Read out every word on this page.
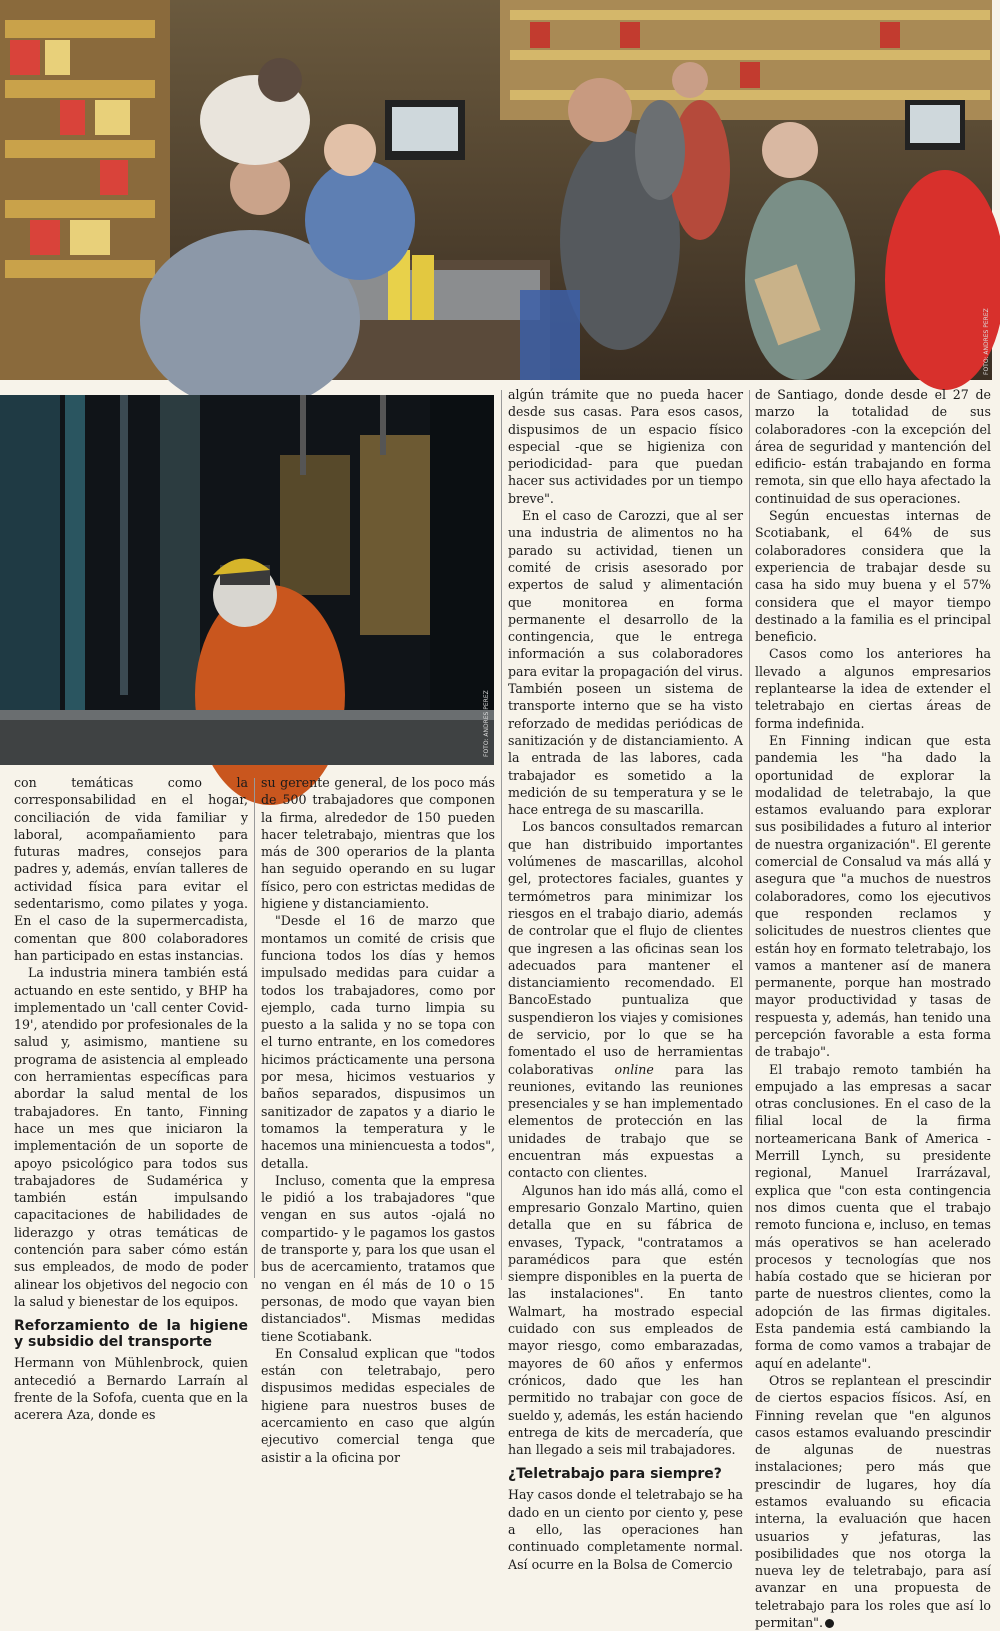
FOTO: ANDRES PEREZ
FOTO: ANDRES PEREZ

algún trámite que no pueda hacer desde sus casas. Para esos casos, dispusimos de un espacio físico especial -que se higieniza con periodicidad- para que puedan hacer sus actividades por un tiempo breve".

En el caso de Carozzi, que al ser una industria de alimentos no ha parado su actividad, tienen un comité de crisis asesorado por expertos de salud y alimentación que monitorea en forma permanente el desarrollo de la contingencia, que le entrega información a sus colaboradores para evitar la propagación del virus. También poseen un sistema de transporte interno que se ha visto reforzado de medidas periódicas de sanitización y de distanciamiento. A la entrada de las labores, cada trabajador es sometido a la medición de su temperatura y se le hace entrega de su mascarilla.

Los bancos consultados remarcan que han distribuido importantes volúmenes de mascarillas, alcohol gel, protectores faciales, guantes y termómetros para minimizar los riesgos en el trabajo diario, además de controlar que el flujo de clientes que ingresen a las oficinas sean los adecuados para mantener el distanciamiento recomendado. El BancoEstado puntualiza que suspendieron los viajes y comisiones de servicio, por lo que se ha fomentado el uso de herramientas colaborativas online para las reuniones, evitando las reuniones presenciales y se han implementado elementos de protección en las unidades de trabajo que se encuentran más expuestas a contacto con clientes.

Algunos han ido más allá, como el empresario Gonzalo Martino, quien detalla que en su fábrica de envases, Typack, "contratamos a paramédicos para que estén siempre disponibles en la puerta de las instalaciones". En tanto Walmart, ha mostrado especial cuidado con sus empleados de mayor riesgo, como embarazadas, mayores de 60 años y enfermos crónicos, dado que les han permitido no trabajar con goce de sueldo y, además, les están haciendo entrega de kits de mercadería, que han llegado a seis mil trabajadores.

¿Teletrabajo para siempre?

Hay casos donde el teletrabajo se ha dado en un ciento por ciento y, pese a ello, las operaciones han continuado completamente normal. Así ocurre en la Bolsa de Comercio

de Santiago, donde desde el 27 de marzo la totalidad de sus colaboradores -con la excepción del área de seguridad y mantención del edificio- están trabajando en forma remota, sin que ello haya afectado la continuidad de sus operaciones.

Según encuestas internas de Scotiabank, el 64% de sus colaboradores considera que la experiencia de trabajar desde su casa ha sido muy buena y el 57% considera que el mayor tiempo destinado a la familia es el principal beneficio.

Casos como los anteriores ha llevado a algunos empresarios replantearse la idea de extender el teletrabajo en ciertas áreas de forma indefinida.

En Finning indican que esta pandemia les "ha dado la oportunidad de explorar la modalidad de teletrabajo, la que estamos evaluando para explorar sus posibilidades a futuro al interior de nuestra organización". El gerente comercial de Consalud va más allá y asegura que "a muchos de nuestros colaboradores, como los ejecutivos que responden reclamos y solicitudes de nuestros clientes que están hoy en formato teletrabajo, los vamos a mantener así de manera permanente, porque han mostrado mayor productividad y tasas de respuesta y, además, han tenido una percepción favorable a esta forma de trabajo".

El trabajo remoto también ha empujado a las empresas a sacar otras conclusiones. En el caso de la filial local de la firma norteamericana Bank of America - Merrill Lynch, su presidente regional, Manuel Irarrázaval, explica que "con esta contingencia nos dimos cuenta que el trabajo remoto funciona e, incluso, en temas más operativos se han acelerado procesos y tecnologías que nos había costado que se hicieran por parte de nuestros clientes, como la adopción de las firmas digitales. Esta pandemia está cambiando la forma de como vamos a trabajar de aquí en adelante".

Otros se replantean el prescindir de ciertos espacios físicos. Así, en Finning revelan que "en algunos casos estamos evaluando prescindir de algunas de nuestras instalaciones; pero más que prescindir de lugares, hoy día estamos evaluando su eficacia interna, la evaluación que hacen usuarios y jefaturas, las posibilidades que nos otorga la nueva ley de teletrabajo, para así avanzar en una propuesta de teletrabajo para los roles que así lo permitan".

con temáticas como la corresponsabilidad en el hogar, conciliación de vida familiar y laboral, acompañamiento para futuras madres, consejos para padres y, además, envían talleres de actividad física para evitar el sedentarismo, como pilates y yoga. En el caso de la supermercadista, comentan que 800 colaboradores han participado en estas instancias.

La industria minera también está actuando en este sentido, y BHP ha implementado un 'call center Covid-19', atendido por profesionales de la salud y, asimismo, mantiene su programa de asistencia al empleado con herramientas específicas para abordar la salud mental de los trabajadores. En tanto, Finning hace un mes que iniciaron la implementación de un soporte de apoyo psicológico para todos sus trabajadores de Sudamérica y también están impulsando capacitaciones de habilidades de liderazgo y otras temáticas de contención para saber cómo están sus empleados, de modo de poder alinear los objetivos del negocio con la salud y bienestar de los equipos.

Reforzamiento de la higiene y subsidio del transporte

Hermann von Mühlenbrock, quien antecedió a Bernardo Larraín al frente de la Sofofa, cuenta que en la acerera Aza, donde es

su gerente general, de los poco más de 500 trabajadores que componen la firma, alrededor de 150 pueden hacer teletrabajo, mientras que los más de 300 operarios de la planta han seguido operando en su lugar físico, pero con estrictas medidas de higiene y distanciamiento.

"Desde el 16 de marzo que montamos un comité de crisis que funciona todos los días y hemos impulsado medidas para cuidar a todos los trabajadores, como por ejemplo, cada turno limpia su puesto a la salida y no se topa con el turno entrante, en los comedores hicimos prácticamente una persona por mesa, hicimos vestuarios y baños separados, dispusimos un sanitizador de zapatos y a diario le tomamos la temperatura y le hacemos una miniencuesta a todos", detalla.

Incluso, comenta que la empresa le pidió a los trabajadores "que vengan en sus autos -ojalá no compartido- y le pagamos los gastos de transporte y, para los que usan el bus de acercamiento, tratamos que no vengan en él más de 10 o 15 personas, de modo que vayan bien distanciados". Mismas medidas tiene Scotiabank.

En Consalud explican que "todos están con teletrabajo, pero dispusimos medidas especiales de higiene para nuestros buses de acercamiento en caso que algún ejecutivo comercial tenga que asistir a la oficina por
